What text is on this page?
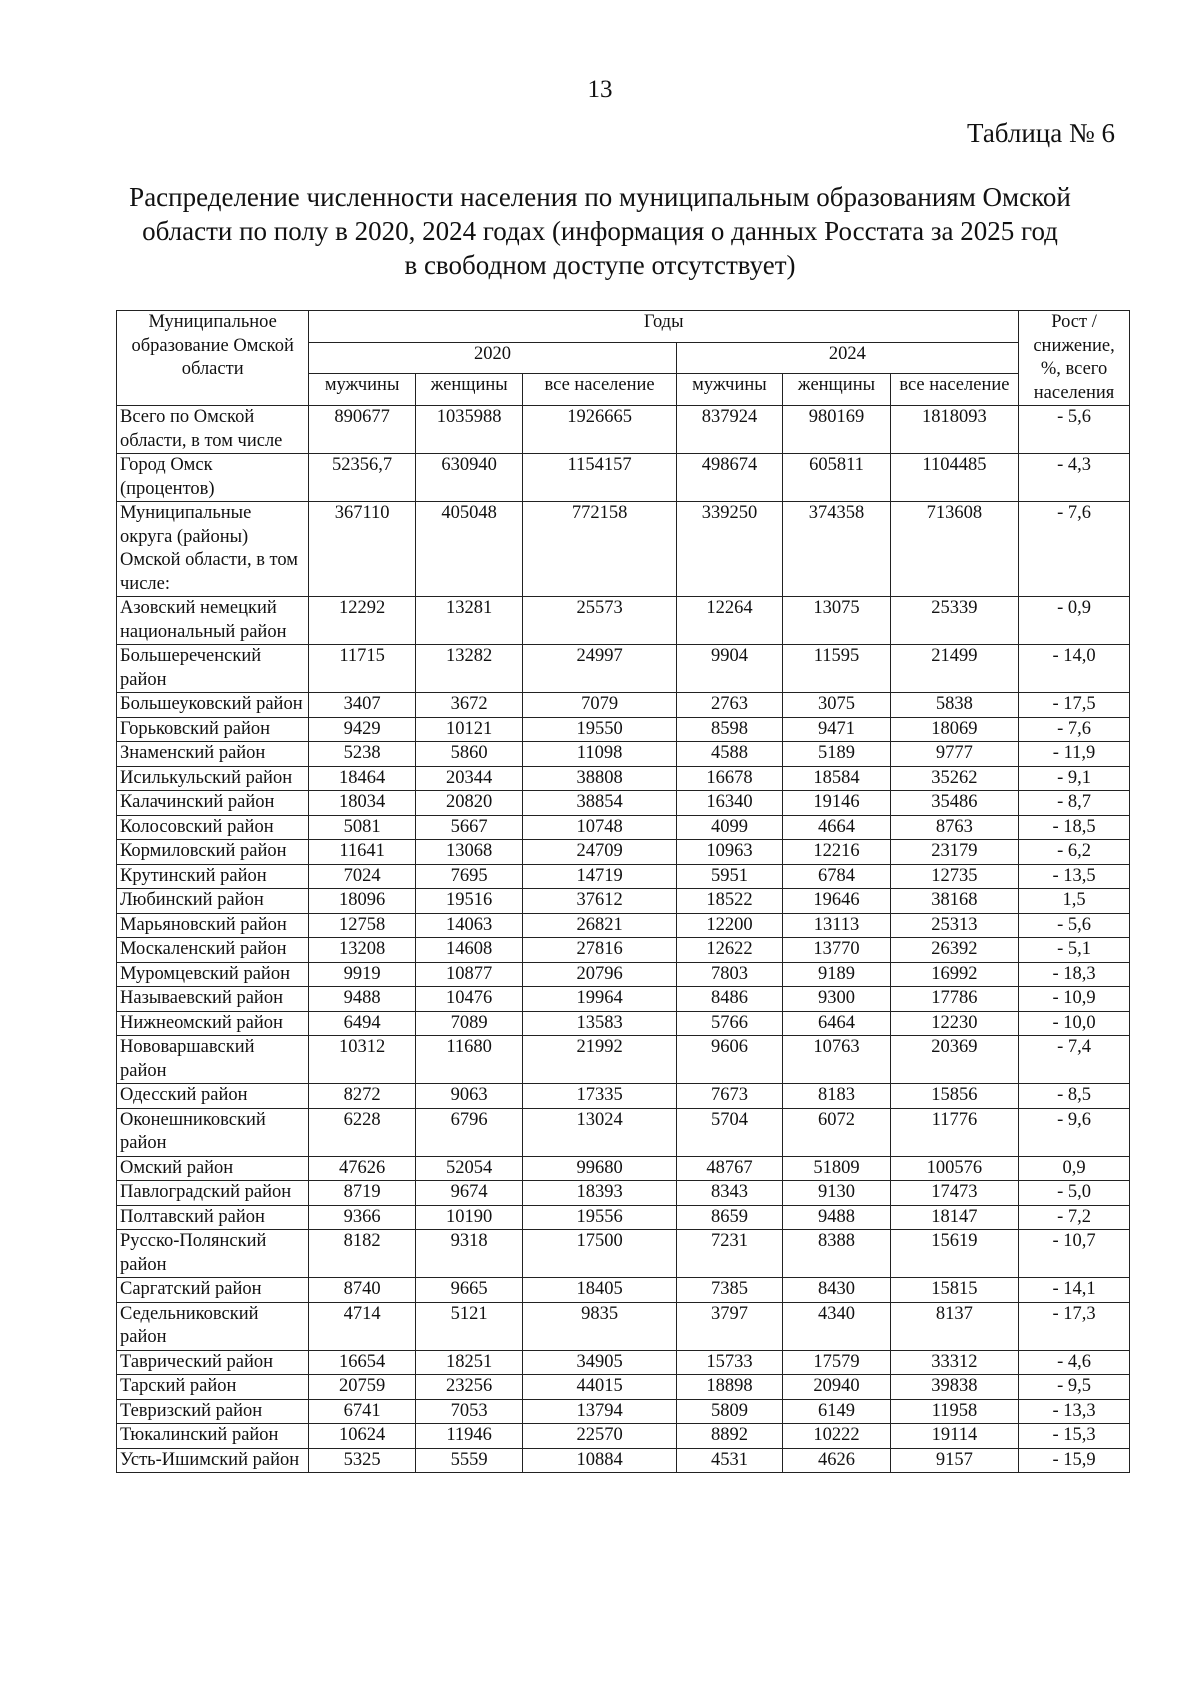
13
Таблица № 6
Распределение численности населения по муниципальным образованиям Омской
области по полу в 2020, 2024 годах (информация о данных Росстата за 2025 год
в свободном доступе отсутствует)
Муниципальное образование Омской области	Годы						Рост / снижение, %, всего населения
	2020			2024			
	мужчины	женщины	все население	мужчины	женщины	все население	
Всего по Омской области, в том числе	890677	1035988	1926665	837924	980169	1818093	- 5,6
Город Омск (процентов)	52356,7	630940	1154157	498674	605811	1104485	- 4,3
Муниципальные округа (районы) Омской области, в том числе:	367110	405048	772158	339250	374358	713608	- 7,6
Азовский немецкий национальный район	12292	13281	25573	12264	13075	25339	- 0,9
Большереченский район	11715	13282	24997	9904	11595	21499	- 14,0
Большеуковский район	3407	3672	7079	2763	3075	5838	- 17,5
Горьковский район	9429	10121	19550	8598	9471	18069	- 7,6
Знаменский район	5238	5860	11098	4588	5189	9777	- 11,9
Исилькульский район	18464	20344	38808	16678	18584	35262	- 9,1
Калачинский район	18034	20820	38854	16340	19146	35486	- 8,7
Колосовский район	5081	5667	10748	4099	4664	8763	- 18,5
Кормиловский район	11641	13068	24709	10963	12216	23179	- 6,2
Крутинский район	7024	7695	14719	5951	6784	12735	- 13,5
Любинский район	18096	19516	37612	18522	19646	38168	1,5
Марьяновский район	12758	14063	26821	12200	13113	25313	- 5,6
Москаленский район	13208	14608	27816	12622	13770	26392	- 5,1
Муромцевский район	9919	10877	20796	7803	9189	16992	- 18,3
Называевский район	9488	10476	19964	8486	9300	17786	- 10,9
Нижнеомский район	6494	7089	13583	5766	6464	12230	- 10,0
Нововаршавский район	10312	11680	21992	9606	10763	20369	- 7,4
Одесский район	8272	9063	17335	7673	8183	15856	- 8,5
Оконешниковский район	6228	6796	13024	5704	6072	11776	- 9,6
Омский район	47626	52054	99680	48767	51809	100576	0,9
Павлоградский район	8719	9674	18393	8343	9130	17473	- 5,0
Полтавский район	9366	10190	19556	8659	9488	18147	- 7,2
Русско-Полянский район	8182	9318	17500	7231	8388	15619	- 10,7
Саргатский район	8740	9665	18405	7385	8430	15815	- 14,1
Седельниковский район	4714	5121	9835	3797	4340	8137	- 17,3
Таврический район	16654	18251	34905	15733	17579	33312	- 4,6
Тарский район	20759	23256	44015	18898	20940	39838	- 9,5
Тевризский район	6741	7053	13794	5809	6149	11958	- 13,3
Тюкалинский район	10624	11946	22570	8892	10222	19114	- 15,3
Усть-Ишимский район	5325	5559	10884	4531	4626	9157	- 15,9
